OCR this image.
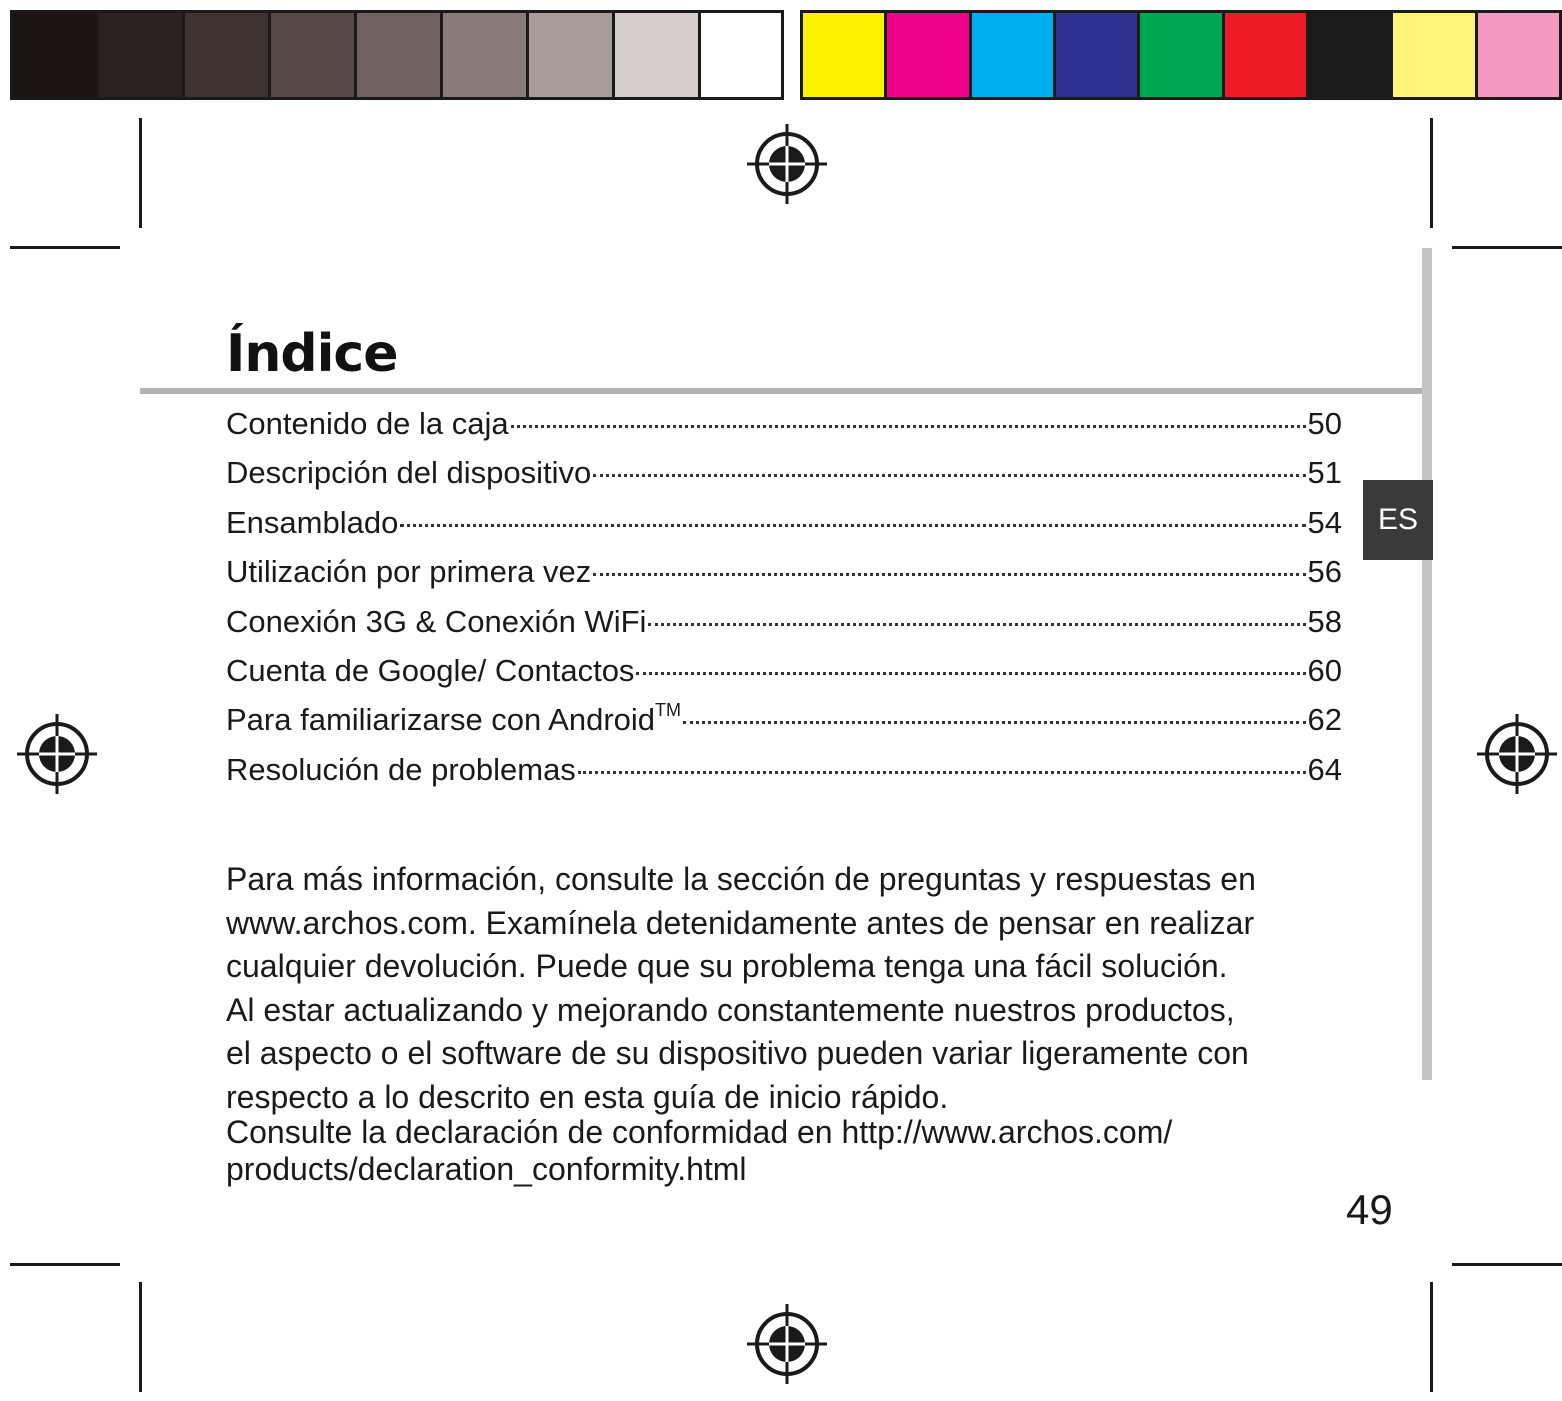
Índice
Contenido de la caja	50
Descripción del dispositivo	51
Ensamblado	54
Utilización por primera vez	56
Conexión 3G & Conexión WiFi	58
Cuenta de Google/ Contactos	60
Para familiarizarse con Android™	62
Resolución de problemas	64
ES

Para más información, consulte la sección de preguntas y respuestas en
www.archos.com. Examínela detenidamente antes de pensar en realizar
cualquier devolución. Puede que su problema tenga una fácil solución.
Al estar actualizando y mejorando constantemente nuestros productos,
el aspecto o el software de su dispositivo pueden variar ligeramente con
respecto a lo descrito en esta guía de inicio rápido.

Consulte la declaración de conformidad en http://www.archos.com/
products/declaration_conformity.html

49
